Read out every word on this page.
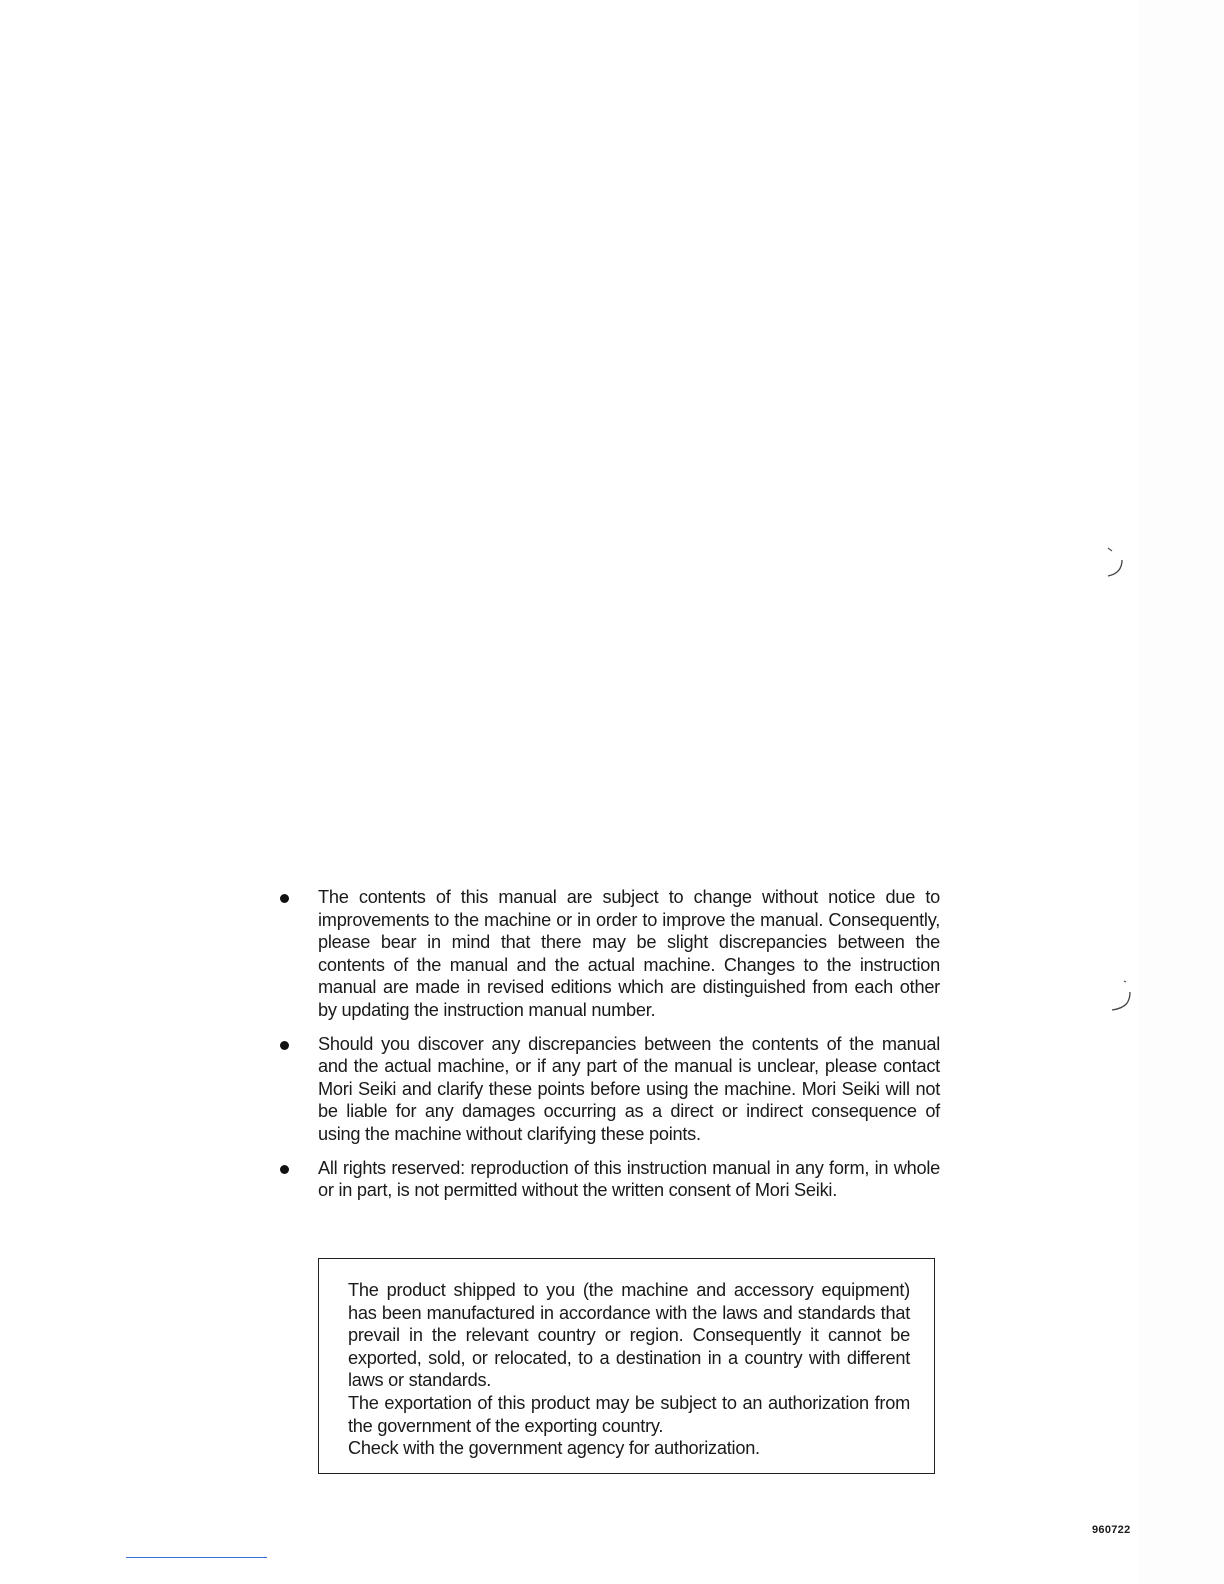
The contents of this manual are subject to change without notice due to improvements to the machine or in order to improve the manual. Consequently, please bear in mind that there may be slight discrepancies between the contents of the manual and the actual machine. Changes to the instruction manual are made in revised editions which are distinguished from each other by updating the instruction manual number.
Should you discover any discrepancies between the contents of the manual and the actual machine, or if any part of the manual is unclear, please contact Mori Seiki and clarify these points before using the machine. Mori Seiki will not be liable for any damages occurring as a direct or indirect consequence of using the machine without clarifying these points.
All rights reserved: reproduction of this instruction manual in any form, in whole or in part, is not permitted without the written consent of Mori Seiki.
The product shipped to you (the machine and accessory equipment) has been manufactured in accordance with the laws and standards that prevail in the relevant country or region. Consequently it cannot be exported, sold, or relocated, to a destination in a country with different laws or standards.
The exportation of this product may be subject to an authorization from the government of the exporting country.
Check with the government agency for authorization.
960722
